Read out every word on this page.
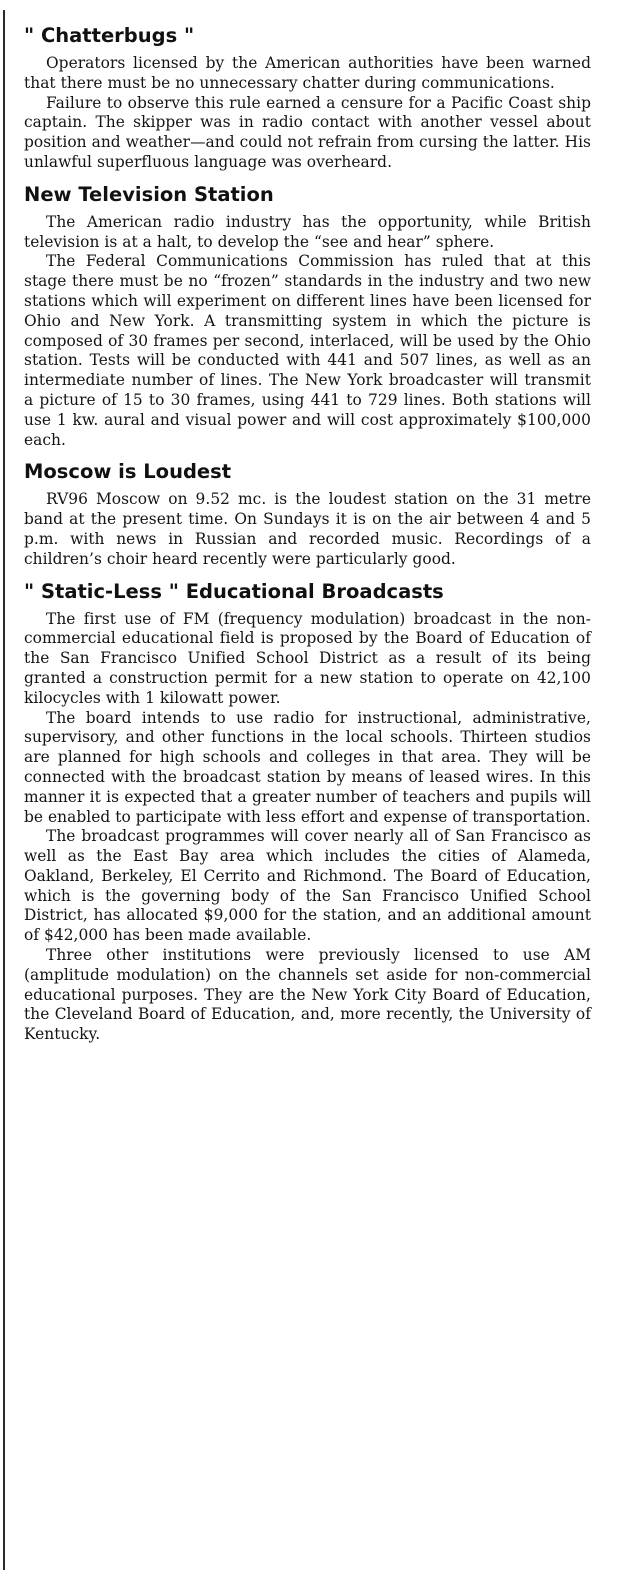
" Chatterbugs "

Operators licensed by the American authorities have been warned that there must be no unnecessary chatter during communications.

Failure to observe this rule earned a censure for a Pacific Coast ship captain. The skipper was in radio contact with another vessel about position and weather—and could not refrain from cursing the latter. His unlawful superfluous language was overheard.

New Television Station

The American radio industry has the opportunity, while British television is at a halt, to develop the “see and hear” sphere.

The Federal Communications Commission has ruled that at this stage there must be no “frozen” standards in the industry and two new stations which will experiment on different lines have been licensed for Ohio and New York. A transmitting system in which the picture is composed of 30 frames per second, interlaced, will be used by the Ohio station. Tests will be conducted with 441 and 507 lines, as well as an intermediate number of lines. The New York broadcaster will transmit a picture of 15 to 30 frames, using 441 to 729 lines. Both stations will use 1 kw. aural and visual power and will cost approximately $100,000 each.

Moscow is Loudest

RV96 Moscow on 9.52 mc. is the loudest station on the 31 metre band at the present time. On Sundays it is on the air between 4 and 5 p.m. with news in Russian and recorded music. Recordings of a children’s choir heard recently were particularly good.

" Static-Less " Educational Broadcasts

The first use of FM (frequency modulation) broadcast in the non-commercial educational field is proposed by the Board of Education of the San Francisco Unified School District as a result of its being granted a construction permit for a new station to operate on 42,100 kilocycles with 1 kilowatt power.

The board intends to use radio for instructional, administrative, supervisory, and other functions in the local schools. Thirteen studios are planned for high schools and colleges in that area. They will be connected with the broadcast station by means of leased wires. In this manner it is expected that a greater number of teachers and pupils will be enabled to participate with less effort and expense of transportation.

The broadcast programmes will cover nearly all of San Francisco as well as the East Bay area which includes the cities of Alameda, Oakland, Berkeley, El Cerrito and Richmond. The Board of Education, which is the governing body of the San Francisco Unified School District, has allocated $9,000 for the station, and an additional amount of $42,000 has been made available.

Three other institutions were previously licensed to use AM (amplitude modulation) on the channels set aside for non-commercial educational purposes. They are the New York City Board of Education, the Cleveland Board of Education, and, more recently, the University of Kentucky.
